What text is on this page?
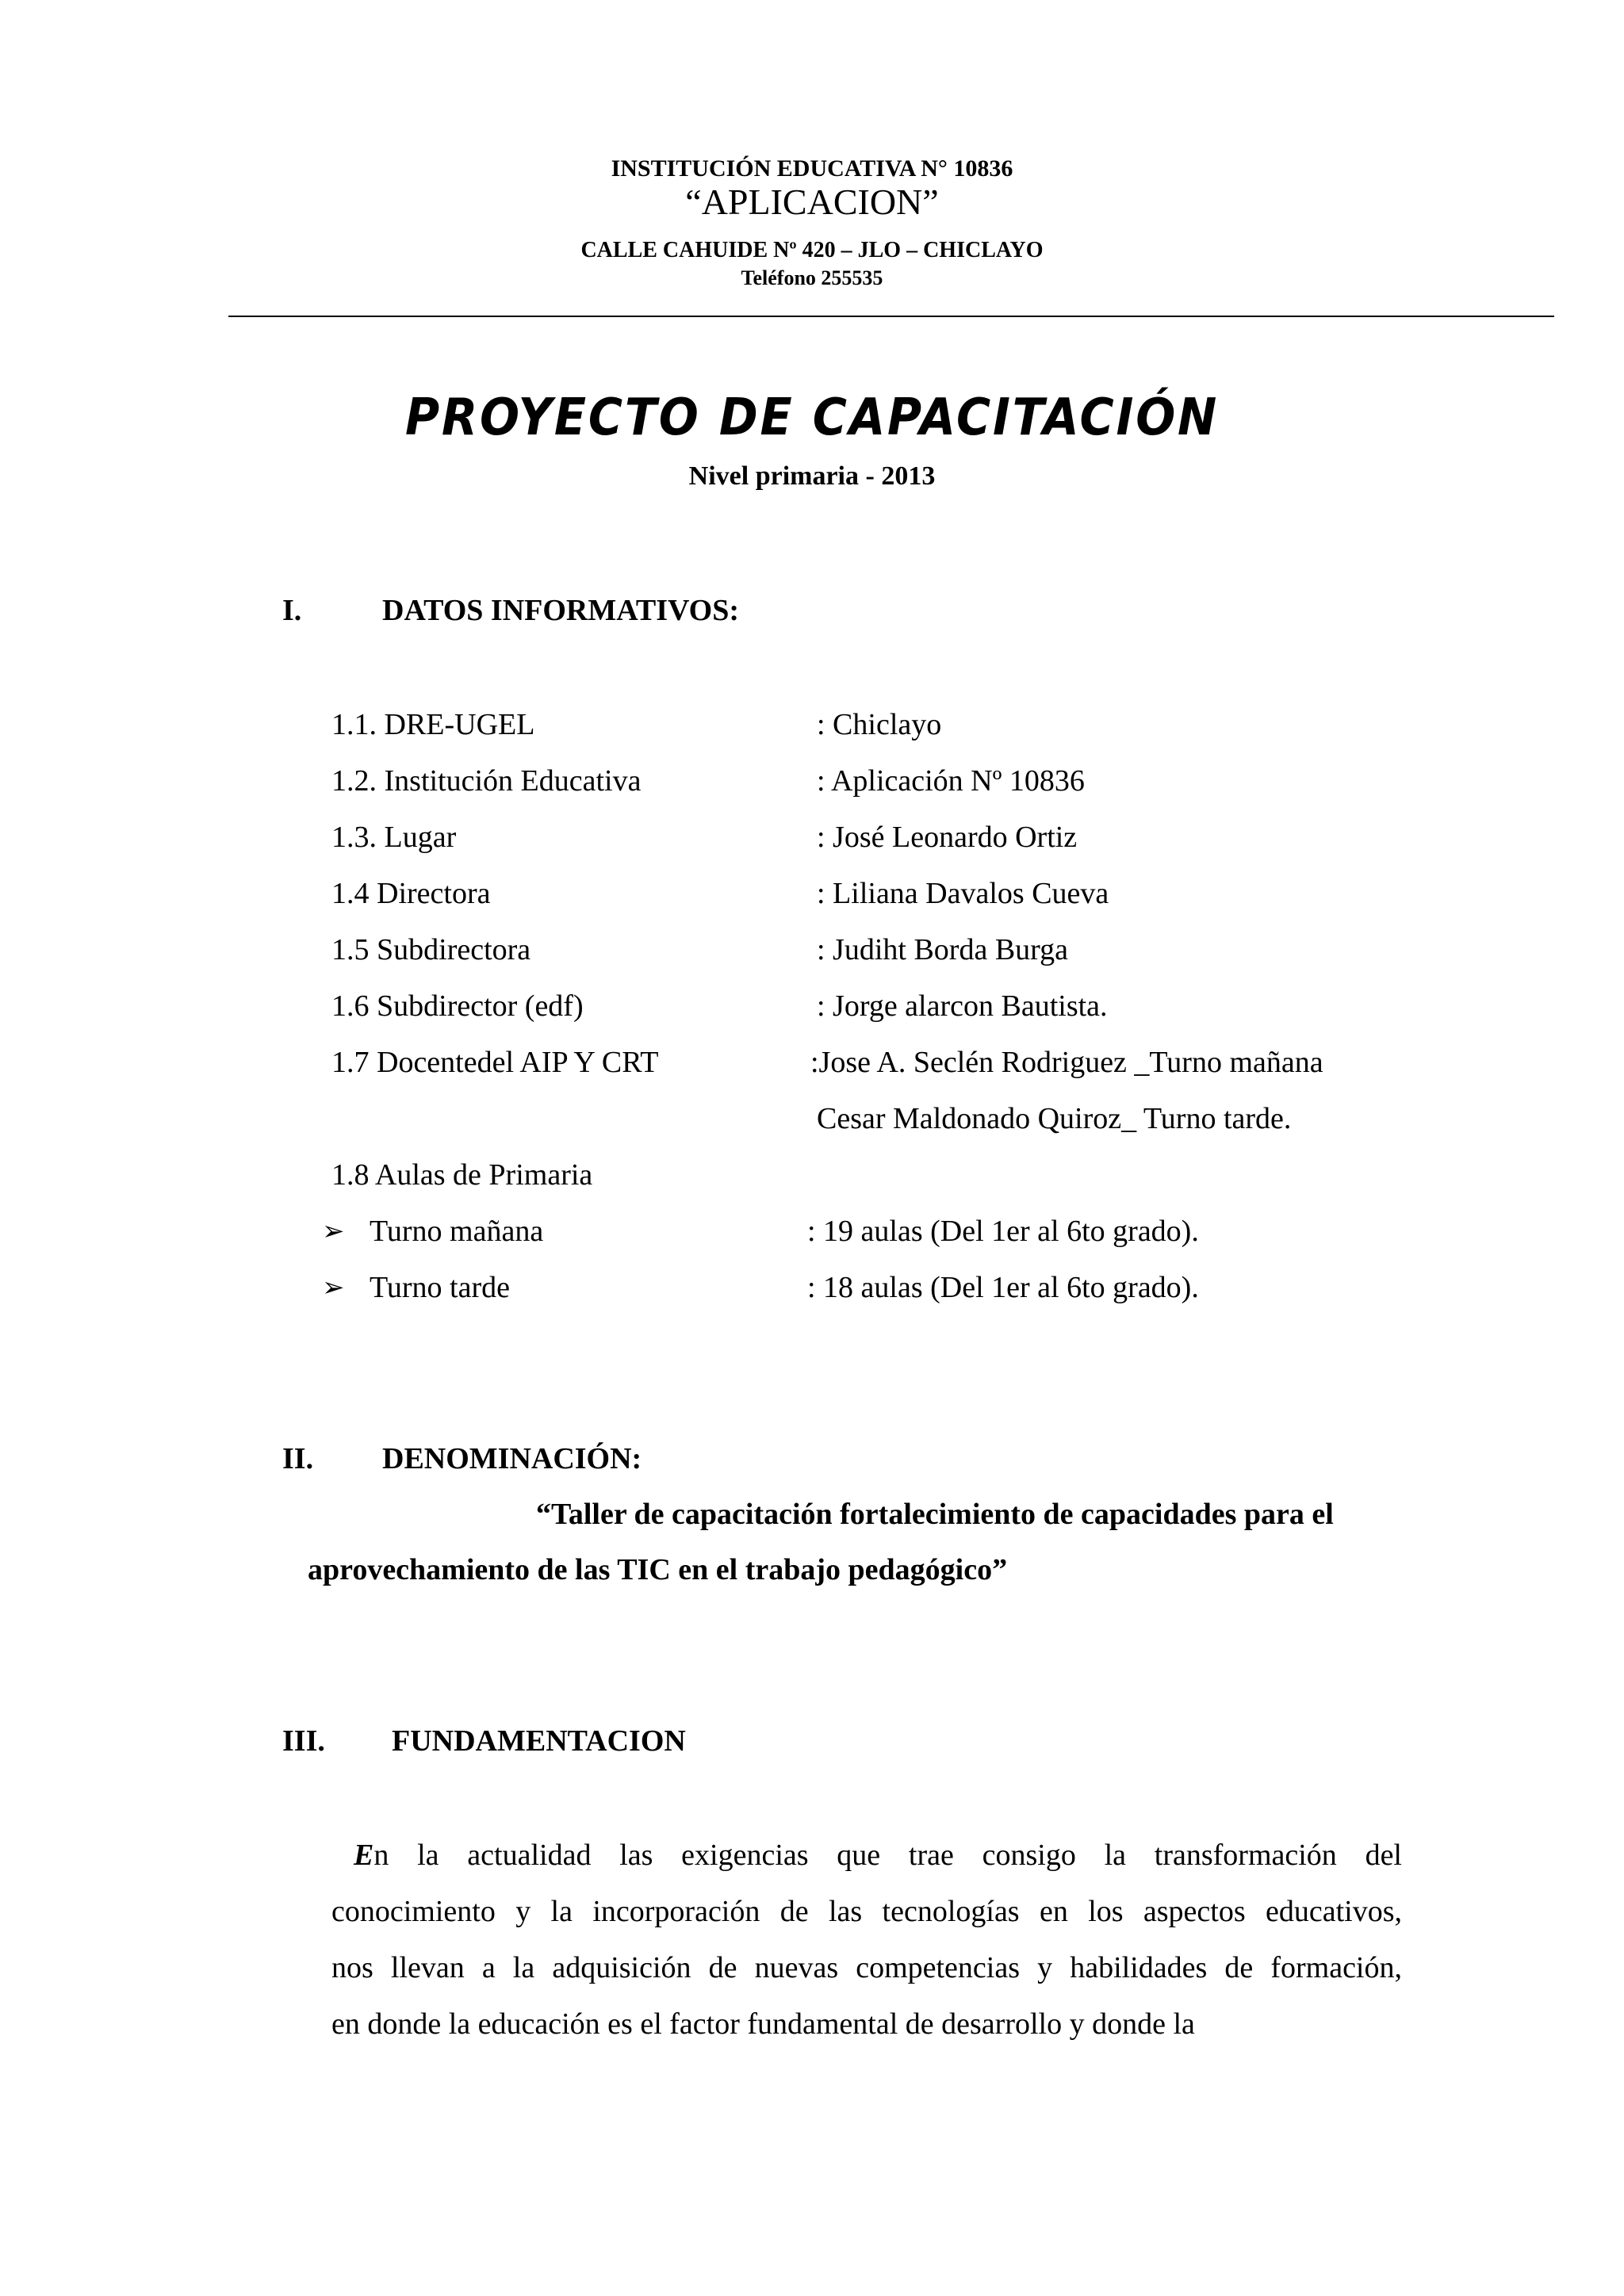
INSTITUCIÓN EDUCATIVA N° 10836
“APLICACION”
CALLE CAHUIDE Nº 420 – JLO – CHICLAYO
Teléfono 255535
PROYECTO DE CAPACITACIÓN
Nivel primaria - 2013
I.	DATOS INFORMATIVOS:
1.1. DRE-UGEL	: Chiclayo
1.2. Institución Educativa	: Aplicación Nº 10836
1.3. Lugar	: José Leonardo Ortiz
1.4 Directora	: Liliana Davalos Cueva
1.5 Subdirectora	: Judiht Borda Burga
1.6 Subdirector (edf)	: Jorge alarcon Bautista.
1.7 Docentedel AIP Y CRT	:Jose A. Seclén Rodriguez _Turno mañana
Cesar Maldonado Quiroz_ Turno tarde.
1.8 Aulas de Primaria
➢ Turno mañana	: 19 aulas (Del 1er al 6to grado).
➢ Turno tarde	: 18 aulas (Del 1er al 6to grado).
II. DENOMINACIÓN:
“Taller de capacitación fortalecimiento de capacidades para el
aprovechamiento de las TIC en el trabajo pedagógico”
III. FUNDAMENTACION
En la actualidad las exigencias que trae consigo la transformación del
conocimiento y la incorporación de las tecnologías en los aspectos educativos,
nos llevan a la adquisición de nuevas competencias y habilidades de formación,
en donde la educación es el factor fundamental de desarrollo y donde la
